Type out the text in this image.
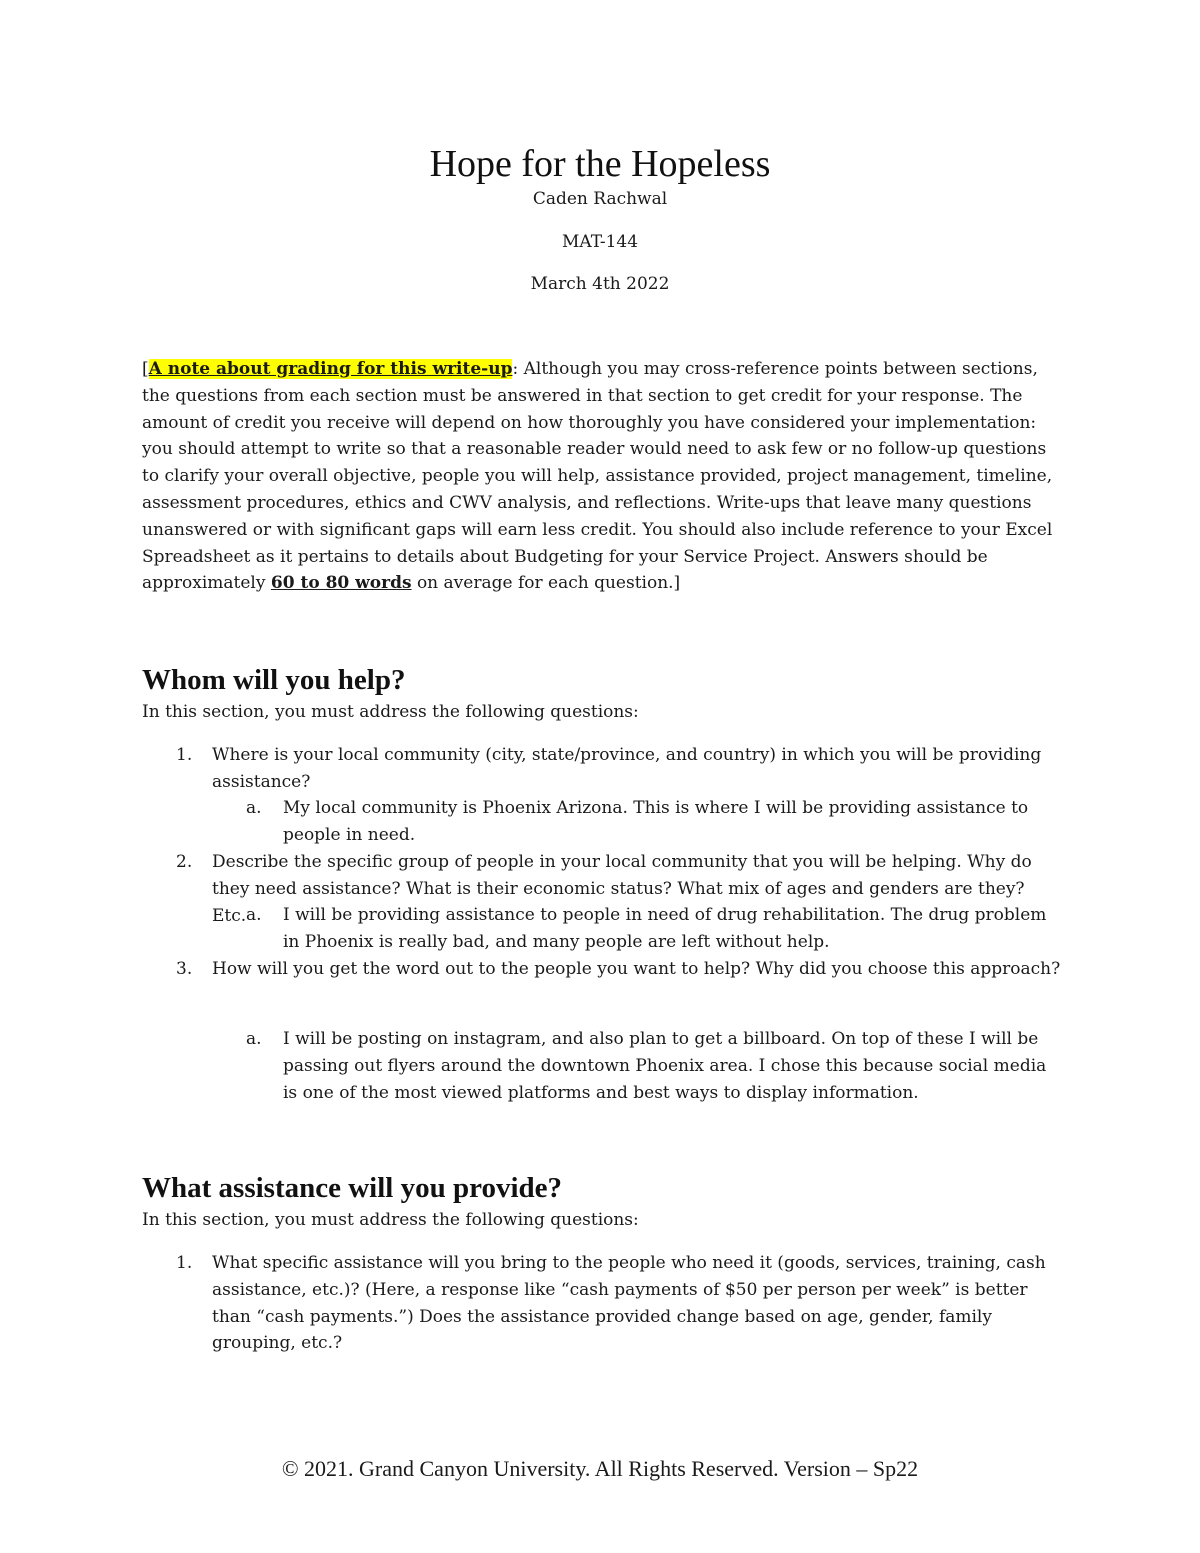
Hope for the Hopeless

Caden Rachwal

MAT-144

March 4th 2022

[A note about grading for this write-up: Although you may cross-reference points between sections, the questions from each section must be answered in that section to get credit for your response. The amount of credit you receive will depend on how thoroughly you have considered your implementation: you should attempt to write so that a reasonable reader would need to ask few or no follow-up questions to clarify your overall objective, people you will help, assistance provided, project management, timeline, assessment procedures, ethics and CWV analysis, and reflections. Write-ups that leave many questions unanswered or with significant gaps will earn less credit. You should also include reference to your Excel Spreadsheet as it pertains to details about Budgeting for your Service Project. Answers should be approximately 60 to 80 words on average for each question.]

Whom will you help?

In this section, you must address the following questions:

1. Where is your local community (city, state/province, and country) in which you will be providing assistance?
a. My local community is Phoenix Arizona. This is where I will be providing assistance to people in need.
2. Describe the specific group of people in your local community that you will be helping. Why do they need assistance? What is their economic status? What mix of ages and genders are they? Etc. a. I will be providing assistance to people in need of drug rehabilitation. The drug problem in Phoenix is really bad, and many people are left without help.
3. How will you get the word out to the people you want to help? Why did you choose this approach?
a. I will be posting on instagram, and also plan to get a billboard. On top of these I will be passing out flyers around the downtown Phoenix area. I chose this because social media is one of the most viewed platforms and best ways to display information.
What assistance will you provide?

In this section, you must address the following questions:

1. What specific assistance will you bring to the people who need it (goods, services, training, cash assistance, etc.)? (Here, a response like “cash payments of $50 per person per week” is better than “cash payments.”) Does the assistance provided change based on age, gender, family grouping, etc.?

© 2021. Grand Canyon University. All Rights Reserved. Version – Sp22
